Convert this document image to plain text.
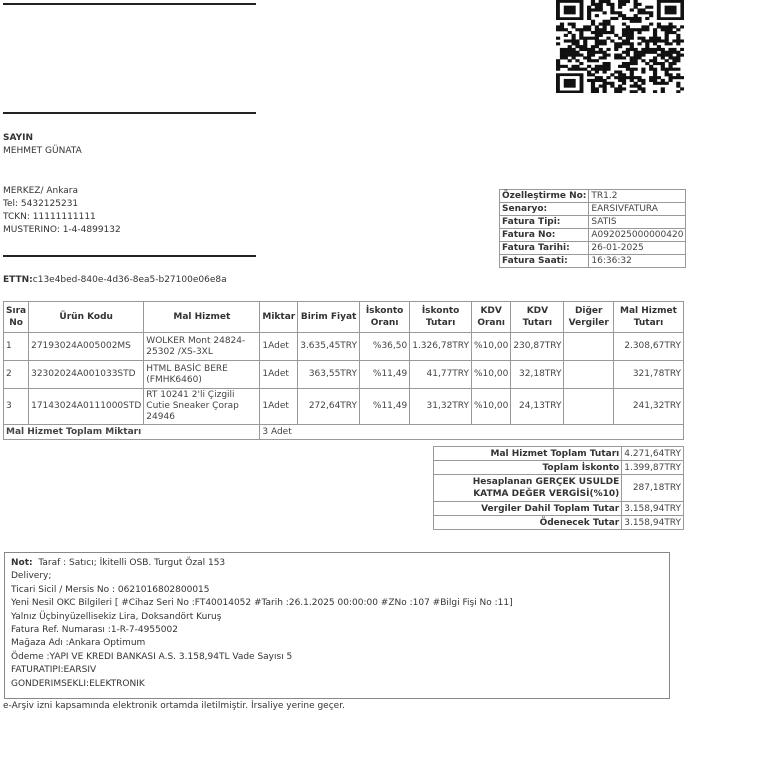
SAYIN
MEHMET GÜNATA
MERKEZ/ Ankara
Tel: 5432125231
TCKN: 11111111111
MUSTERINO: 1-4-4899132
Özelleştirme No:	TR1.2
Senaryo:	EARSIVFATURA
Fatura Tipi:	SATIS
Fatura No:	A092025000000420
Fatura Tarihi:	26-01-2025
Fatura Saati:	16:36:32
ETTN:c13e4bed-840e-4d36-8ea5-b27100e06e8a
Sıra No	Ürün Kodu	Mal Hizmet	Miktar	Birim Fiyat	İskonto Oranı	İskonto Tutarı	KDV Oranı	KDV Tutarı	Diğer Vergiler	Mal Hizmet Tutarı
1	27193024A005002MS	WOLKER Mont 24824-25302 /XS-3XL	1Adet	3.635,45TRY	%36,50	1.326,78TRY	%10,00	230,87TRY		2.308,67TRY
2	32302024A001033STD	HTML BASİC BERE (FMHK6460)	1Adet	363,55TRY	%11,49	41,77TRY	%10,00	32,18TRY		321,78TRY
3	17143024A0111000STD	RT 10241 2'li Çizgili Cutie Sneaker Çorap 24946	1Adet	272,64TRY	%11,49	31,32TRY	%10,00	24,13TRY		241,32TRY
Mal Hizmet Toplam Miktarı			3 Adet							
Mal Hizmet Toplam Tutarı	4.271,64TRY
Toplam İskonto	1.399,87TRY
Hesaplanan GERÇEK USULDE KATMA DEĞER VERGİSİ(%10)	287,18TRY
Vergiler Dahil Toplam Tutar	3.158,94TRY
Ödenecek Tutar	3.158,94TRY
Not: Taraf : Satıcı; İkitelli OSB. Turgut Özal 153
Delivery;
Ticari Sicil / Mersis No : 0621016802800015
Yeni Nesil OKC Bilgileri [ #Cihaz Seri No :FT40014052 #Tarih :26.1.2025 00:00:00 #ZNo :107 #Bilgi Fişi No :11]
Yalnız Üçbinyüzellisekiz Lira, Doksandört Kuruş
Fatura Ref. Numarası :1-R-7-4955002
Mağaza Adı :Ankara Optimum
Ödeme :YAPI VE KREDI BANKASI A.S. 3.158,94TL Vade Sayısı 5
FATURATIPI:EARSIV
GONDERIMSEKLI:ELEKTRONIK
e-Arşiv izni kapsamında elektronik ortamda iletilmiştir. İrsaliye yerine geçer.
